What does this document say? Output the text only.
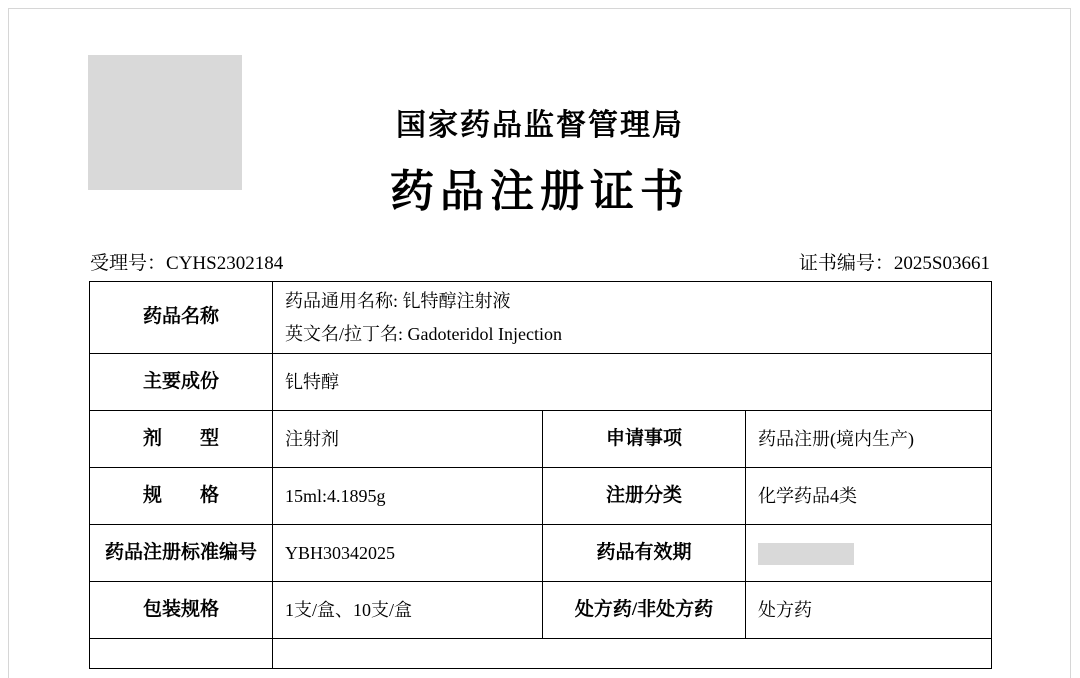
国家药品监督管理局
药品注册证书
受理号：CYHS2302184	证书编号：2025S03661
药品名称	药品通用名称: 钆特醇注射液
英文名/拉丁名: Gadoteridol Injection		

主要成份	钆特醇		
剂　　型	注射剂	申请事项	药品注册(境内生产)
规　　格	15ml:4.1895g	注册分类	化学药品4类
药品注册标准编号	YBH30342025	药品有效期	
包装规格	1支/盒、10支/盒	处方药/非处方药	处方药
